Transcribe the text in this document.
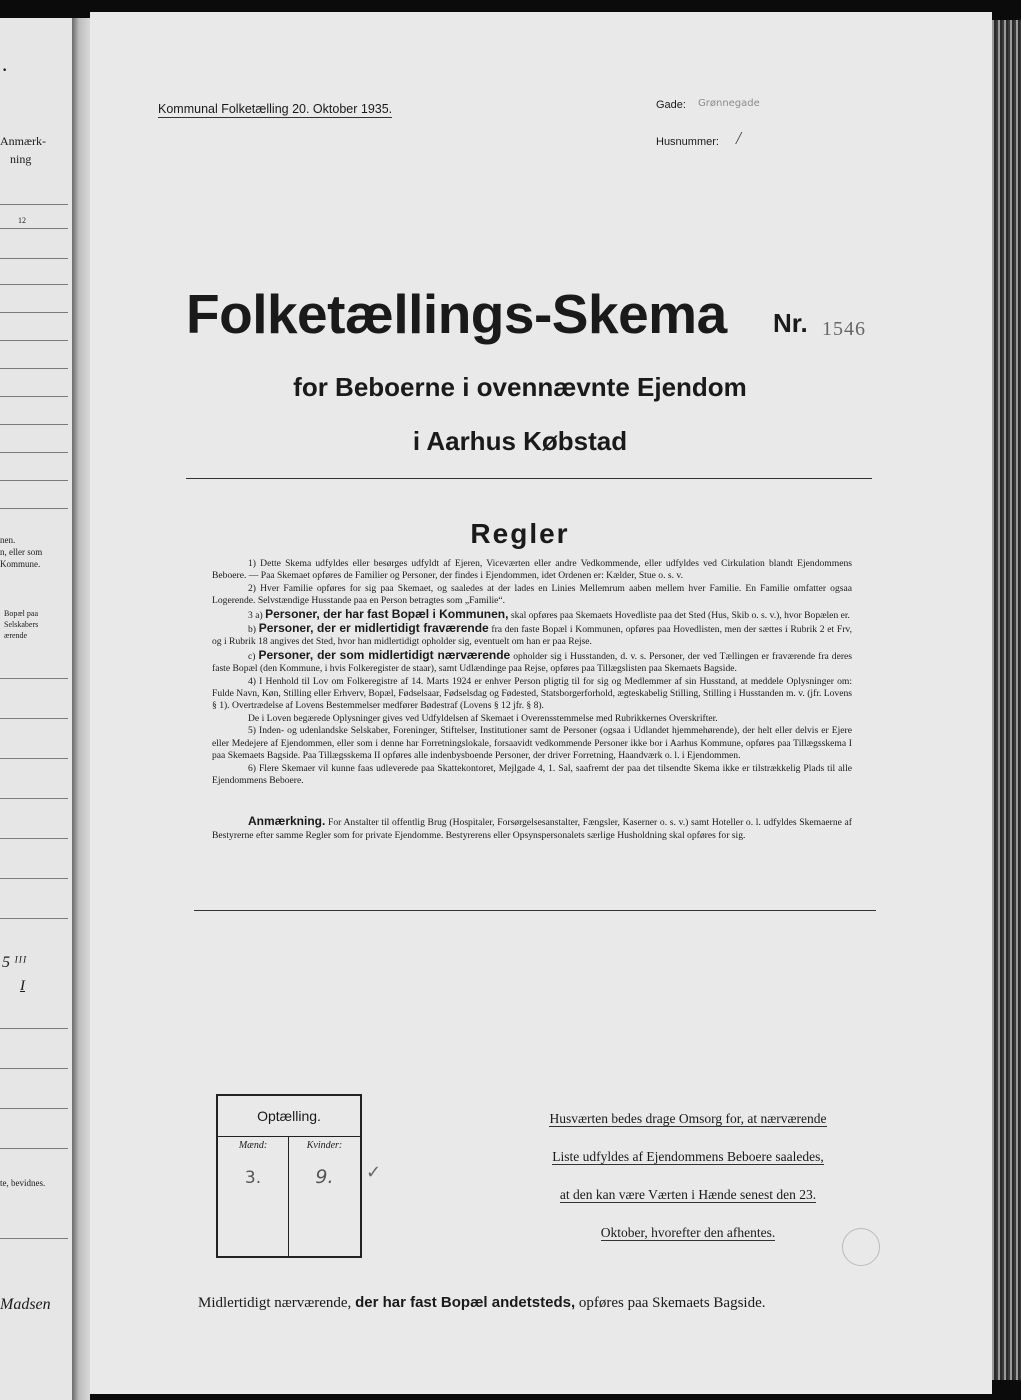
·
Anmærk-
ning
12
nen.
n, eller som
Kommune.
Bopæl paa
Selskabers
ærende
5 ᴵᴵᴵ
I
te, bevidnes.
Madsen
Kommunal Folketælling 20. Oktober 1935.	Gade: Grønnegade
Husnummer: /
Folketællings-Skema Nr. 1546
for Beboerne i ovennævnte Ejendom
i Aarhus Købstad
Regler

1) Dette Skema udfyldes eller besørges udfyldt af Ejeren, Viceværten eller andre Vedkommende, eller udfyldes ved Cirkulation blandt Ejendommens Beboere. — Paa Skemaet opføres de Familier og Personer, der findes i Ejendommen, idet Ordenen er: Kælder, Stue o. s. v.

2) Hver Familie opføres for sig paa Skemaet, og saaledes at der lades en Linies Mellemrum aaben mellem hver Familie. En Familie omfatter ogsaa Logerende. Selvstændige Husstande paa en Person betragtes som „Familie“.

3 a) Personer, der har fast Bopæl i Kommunen, skal opføres paa Skemaets Hovedliste paa det Sted (Hus, Skib o. s. v.), hvor Bopælen er.

b) Personer, der er midlertidigt fraværende fra den faste Bopæl i Kommunen, opføres paa Hovedlisten, men der sættes i Rubrik 2 et Frv, og i Rubrik 18 angives det Sted, hvor han midlertidigt opholder sig, eventuelt om han er paa Rejse.

c) Personer, der som midlertidigt nærværende opholder sig i Husstanden, d. v. s. Personer, der ved Tællingen er fraværende fra deres faste Bopæl (den Kommune, i hvis Folkeregister de staar), samt Udlændinge paa Rejse, opføres paa Tillægslisten paa Skemaets Bagside.

4) I Henhold til Lov om Folkeregistre af 14. Marts 1924 er enhver Person pligtig til for sig og Medlemmer af sin Husstand, at meddele Oplysninger om: Fulde Navn, Køn, Stilling eller Erhverv, Bopæl, Fødselsaar, Fødselsdag og Fødested, Statsborgerforhold, ægteskabelig Stilling, Stilling i Husstanden m. v. (jfr. Lovens § 1). Overtrædelse af Lovens Bestemmelser medfører Bødestraf (Lovens § 12 jfr. § 8).

De i Loven begærede Oplysninger gives ved Udfyldelsen af Skemaet i Overensstemmelse med Rubrikkernes Overskrifter.

5) Inden- og udenlandske Selskaber, Foreninger, Stiftelser, Institutioner samt de Personer (ogsaa i Udlandet hjemmehørende), der helt eller delvis er Ejere eller Medejere af Ejendommen, eller som i denne har Forretningslokale, forsaavidt vedkommende Personer ikke bor i Aarhus Kommune, opføres paa Tillægsskema I paa Skemaets Bagside. Paa Tillægsskema II opføres alle indenbysboende Personer, der driver Forretning, Haandværk o. l. i Ejendommen.

6) Flere Skemaer vil kunne faas udleverede paa Skattekontoret, Mejlgade 4, 1. Sal, saafremt der paa det tilsendte Skema ikke er tilstrækkelig Plads til alle Ejendommens Beboere.

Anmærkning. For Anstalter til offentlig Brug (Hospitaler, Forsørgelsesanstalter, Fængsler, Kaserner o. s. v.) samt Hoteller o. l. udfyldes Skemaerne af Bestyrerne efter samme Regler som for private Ejendomme. Bestyrerens eller Opsynspersonalets særlige Husholdning skal opføres for sig.

Optælling.
Mænd:	Kvinder:
3.	9.	✓
Husværten bedes drage Omsorg for, at nærværende
Liste udfyldes af Ejendommens Beboere saaledes,
at den kan være Værten i Hænde senest den 23.
Oktober, hvorefter den afhentes.
Midlertidigt nærværende, der har fast Bopæl andetsteds, opføres paa Skemaets Bagside.
